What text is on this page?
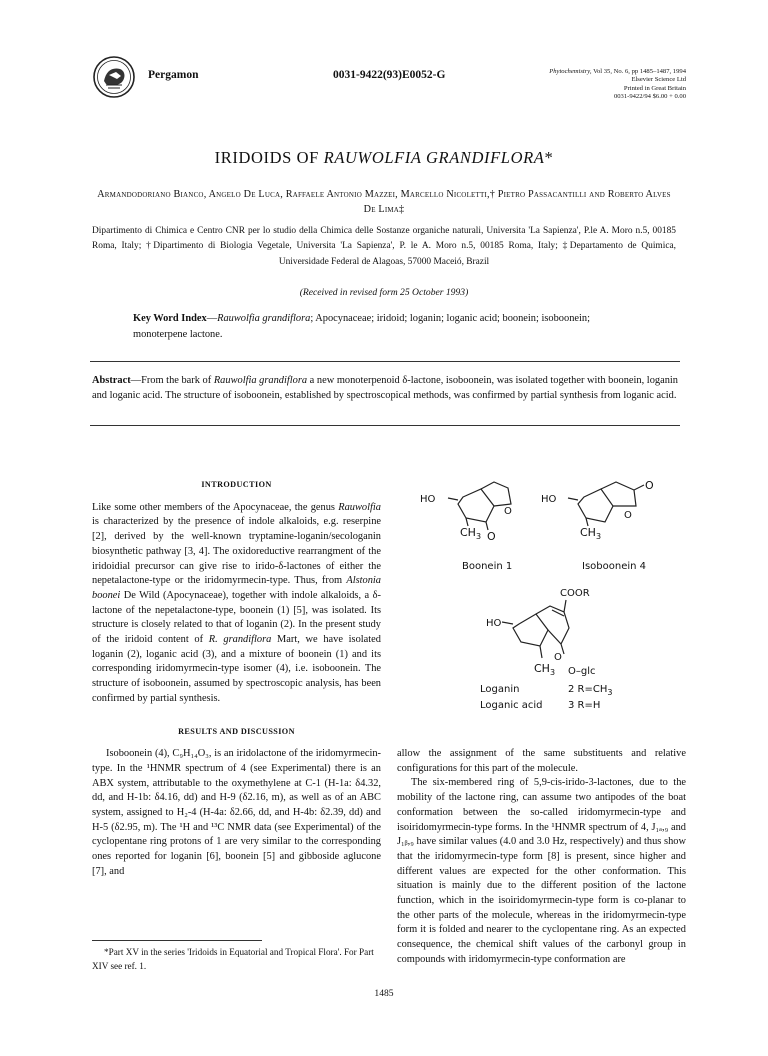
Pergamon	0031-9422(93)E0052-G	Phytochemistry, Vol 35, No. 6, pp 1485–1487, 1994
Elsevier Science Ltd
Printed in Great Britain
0031-9422/94 $6.00 + 0.00
IRIDOIDS OF RAUWOLFIA GRANDIFLORA*
Armandodoriano Bianco, Angelo De Luca, Raffaele Antonio Mazzei, Marcello Nicoletti,† Pietro Passacantilli and Roberto Alves De Lima‡
Dipartimento di Chimica e Centro CNR per lo studio della Chimica delle Sostanze organiche naturali, Universita 'La Sapienza', P.le A. Moro n.5, 00185 Roma, Italy; †Dipartimento di Biologia Vegetale, Universita 'La Sapienza', P. le A. Moro n.5, 00185 Roma, Italy; ‡Departamento de Quimica, Universidade Federal de Alagoas, 57000 Maceió, Brazil
(Received in revised form 25 October 1993)
Key Word Index—Rauwolfia grandiflora; Apocynaceae; iridoid; loganin; loganic acid; boonein; isoboonein; monoterpene lactone.
Abstract—From the bark of Rauwolfia grandiflora a new monoterpenoid δ-lactone, isoboonein, was isolated together with boonein, loganin and loganic acid. The structure of isoboonein, established by spectroscopical methods, was confirmed by partial synthesis from loganic acid.
INTRODUCTION

Like some other members of the Apocynaceae, the genus Rauwolfia is characterized by the presence of indole alkaloids, e.g. reserpine [2], derived by the well-known tryptamine-loganin/secologanin biosynthetic pathway [3, 4]. The oxidoreductive rearrangment of the iridoidial precursor can give rise to irido-δ-lactones of either the nepetalactone-type or the iridomyrmecin-type. Thus, from Alstonia boonei De Wild (Apocynaceae), together with indole alkaloids, a δ-lactone of the nepetalactone-type, boonein (1) [5], was isolated. Its structure is closely related to that of loganin (2). In the present study of the iridoid content of R. grandiflora Mart, we have isolated loganin (2), loganic acid (3), and a mixture of boonein (1) and its corresponding iridomyrmecin-type isomer (4), i.e. isoboonein. The structure of isoboonein, assumed by spectroscopic analysis, has been confirmed by partial synthesis.

RESULTS AND DISCUSSION

Isoboonein (4), C₉H₁₄O₃, is an iridolactone of the iridomyrmecin-type. In the ¹HNMR spectrum of 4 (see Experimental) there is an ABX system, attributable to the oxymethylene at C-1 (H-1a: δ4.32, dd, and H-1b: δ4.16, dd) and H-9 (δ2.16, m), as well as of an ABC system, assigned to H₂-4 (H-4a: δ2.66, dd, and H-4b: δ2.39, dd) and H-5 (δ2.95, m). The ¹H and ¹³C NMR data (see Experimental) of the cyclopentane ring protons of 1 are very similar to the corresponding ones reported for loganin [6], boonein [5] and gibboside aglucone [7], and

*Part XV in the series 'Iridoids in Equatorial and Tropical Flora'. For Part XIV see ref. 1.
HO
$CH_3$ O
O
Boonein 1
HO
$CH_3$
O
O
Isoboonein 4
COOR
HO
O
$CH_3$ O–glc
Loganin	2 $R=CH_3$
Loganic acid	3 R=H

allow the assignment of the same substituents and relative configurations for this part of the molecule.

The six-membered ring of 5,9-cis-irido-3-lactones, due to the mobility of the lactone ring, can assume two antipodes of the boat conformation between the so-called iridomyrmecin-type and isoiridomyrmecin-type forms. In the ¹HNMR spectrum of 4, J₁ₐ,₉ and J₁ᵦ,₉ have similar values (4.0 and 3.0 Hz, respectively) and thus show that the iridomyrmecin-type form [8] is present, since higher and different values are expected for the other conformation. This situation is mainly due to the different position of the lactone function, which in the isoiridomyrmecin-type form is co-planar to the other parts of the molecule, whereas in the iridomyrmecin-type form it is folded and nearer to the cyclopentane ring. As an expected consequence, the chemical shift values of the carbonyl group in compounds with iridomyrmecin-type conformation are

1485
